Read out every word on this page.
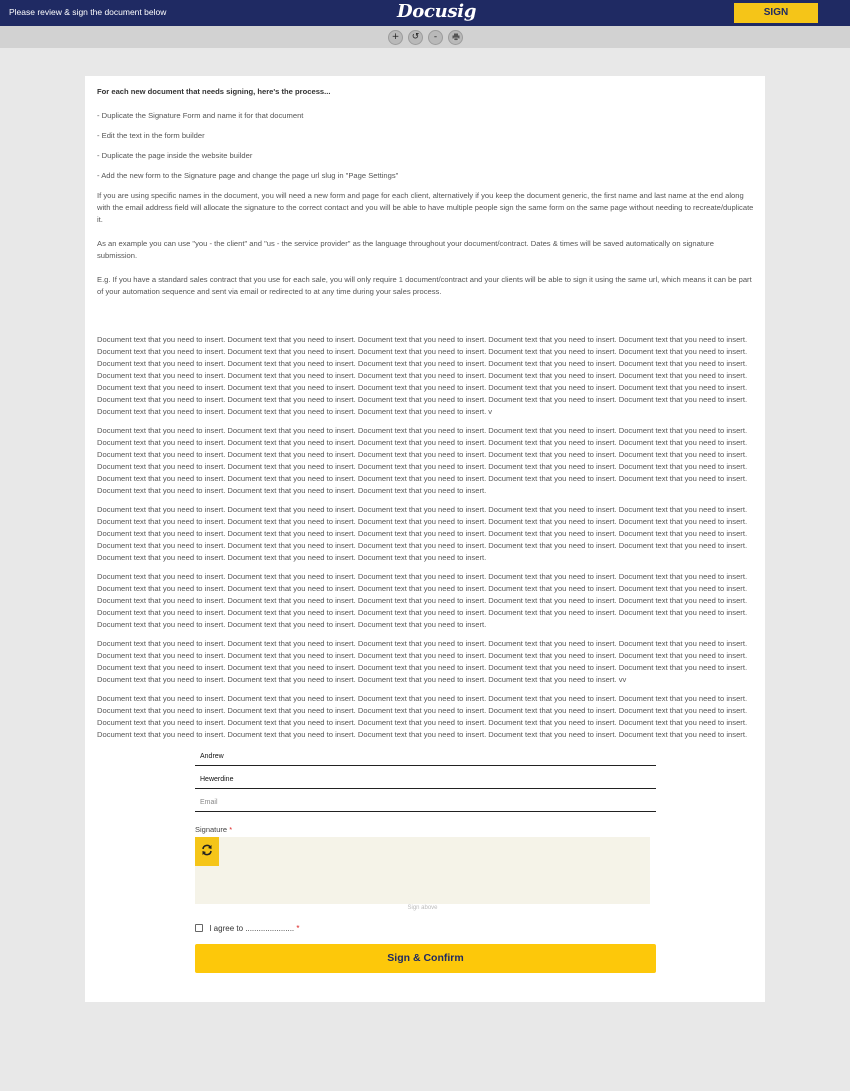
Please review & sign the document below	Docusig	SIGN
+	↺	-
For each new document that needs signing, here's the process...
- Duplicate the Signature Form and name it for that document
- Edit the text in the form builder
- Duplicate the page inside the website builder
- Add the new form to the Signature page and change the page url slug in "Page Settings"
If you are using specific names in the document, you will need a new form and page for each client, alternatively if you keep the document generic, the first name and last name at the end along with the email address field will allocate the signature to the correct contact and you will be able to have multiple people sign the same form on the same page without needing to recreate/duplicate it.
As an example you can use "you - the client" and "us - the service provider" as the language throughout your document/contract. Dates & times will be saved automatically on signature submission.
E.g. If you have a standard sales contract that you use for each sale, you will only require 1 document/contract and your clients will be able to sign it using the same url, which means it can be part of your automation sequence and sent via email or redirected to at any time during your sales process.
Document text that you need to insert. Document text that you need to insert. Document text that you need to insert. Document text that you need to insert. Document text that you need to insert. Document text that you need to insert. Document text that you need to insert. Document text that you need to insert. Document text that you need to insert. Document text that you need to insert. Document text that you need to insert. Document text that you need to insert. Document text that you need to insert. Document text that you need to insert. Document text that you need to insert. Document text that you need to insert. Document text that you need to insert. Document text that you need to insert. Document text that you need to insert. Document text that you need to insert. Document text that you need to insert. Document text that you need to insert. Document text that you need to insert. Document text that you need to insert. Document text that you need to insert. Document text that you need to insert. Document text that you need to insert. Document text that you need to insert. Document text that you need to insert. Document text that you need to insert. Document text that you need to insert. Document text that you need to insert. Document text that you need to insert. v
Document text that you need to insert. Document text that you need to insert. Document text that you need to insert. Document text that you need to insert. Document text that you need to insert. Document text that you need to insert. Document text that you need to insert. Document text that you need to insert. Document text that you need to insert. Document text that you need to insert. Document text that you need to insert. Document text that you need to insert. Document text that you need to insert. Document text that you need to insert. Document text that you need to insert. Document text that you need to insert. Document text that you need to insert. Document text that you need to insert. Document text that you need to insert. Document text that you need to insert. Document text that you need to insert. Document text that you need to insert. Document text that you need to insert. Document text that you need to insert. Document text that you need to insert. Document text that you need to insert. Document text that you need to insert. Document text that you need to insert.
Document text that you need to insert. Document text that you need to insert. Document text that you need to insert. Document text that you need to insert. Document text that you need to insert. Document text that you need to insert. Document text that you need to insert. Document text that you need to insert. Document text that you need to insert. Document text that you need to insert. Document text that you need to insert. Document text that you need to insert. Document text that you need to insert. Document text that you need to insert. Document text that you need to insert. Document text that you need to insert. Document text that you need to insert. Document text that you need to insert. Document text that you need to insert. Document text that you need to insert. Document text that you need to insert. Document text that you need to insert. Document text that you need to insert.
Document text that you need to insert. Document text that you need to insert. Document text that you need to insert. Document text that you need to insert. Document text that you need to insert. Document text that you need to insert. Document text that you need to insert. Document text that you need to insert. Document text that you need to insert. Document text that you need to insert. Document text that you need to insert. Document text that you need to insert. Document text that you need to insert. Document text that you need to insert. Document text that you need to insert. Document text that you need to insert. Document text that you need to insert. Document text that you need to insert. Document text that you need to insert. Document text that you need to insert. Document text that you need to insert. Document text that you need to insert. Document text that you need to insert.
Document text that you need to insert. Document text that you need to insert. Document text that you need to insert. Document text that you need to insert. Document text that you need to insert. Document text that you need to insert. Document text that you need to insert. Document text that you need to insert. Document text that you need to insert. Document text that you need to insert. Document text that you need to insert. Document text that you need to insert. Document text that you need to insert. Document text that you need to insert. Document text that you need to insert. Document text that you need to insert. Document text that you need to insert. Document text that you need to insert. Document text that you need to insert. vv
Document text that you need to insert. Document text that you need to insert. Document text that you need to insert. Document text that you need to insert. Document text that you need to insert. Document text that you need to insert. Document text that you need to insert. Document text that you need to insert. Document text that you need to insert. Document text that you need to insert. Document text that you need to insert. Document text that you need to insert. Document text that you need to insert. Document text that you need to insert. Document text that you need to insert. Document text that you need to insert. Document text that you need to insert. Document text that you need to insert. Document text that you need to insert. Document text that you need to insert.
Andrew
Hewerdine
Email
Signature *
Sign above
I agree to ...................... *
Sign & Confirm
